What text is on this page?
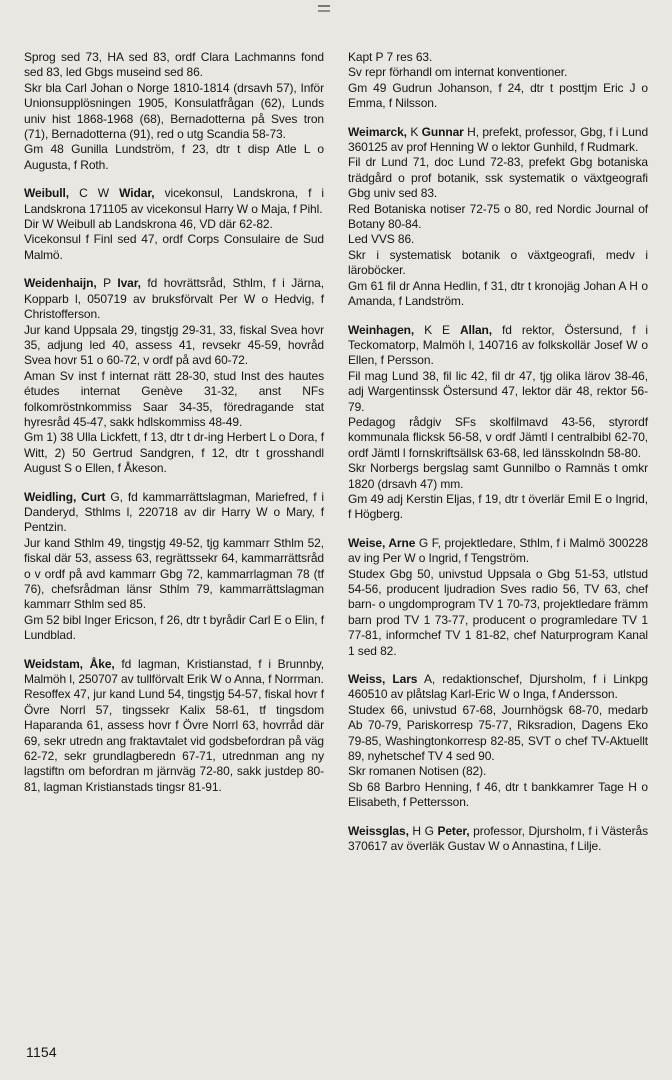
Sprog sed 73, HA sed 83, ordf Clara Lachmanns fond sed 83, led Gbgs museind sed 86.

Skr bla Carl Johan o Norge 1810-1814 (drsavh 57), Inför Unionsupplösningen 1905, Konsulatfrågan (62), Lunds univ hist 1868-1968 (68), Bernadotterna på Sves tron (71), Bernadotterna (91), red o utg Scandia 58-73.

Gm 48 Gunilla Lundström, f 23, dtr t disp Atle L o Augusta, f Roth.

Weibull, C W Widar, vicekonsul, Landskrona, f i Landskrona 171105 av vicekonsul Harry W o Maja, f Pihl.

Dir W Weibull ab Landskrona 46, VD där 62-82.

Vicekonsul f Finl sed 47, ordf Corps Consulaire de Sud Malmö.

Weidenhaijn, P Ivar, fd hovrättsråd, Sthlm, f i Järna, Kopparb l, 050719 av bruksförvalt Per W o Hedvig, f Christofferson.

Jur kand Uppsala 29, tingstjg 29-31, 33, fiskal Svea hovr 35, adjung led 40, assess 41, revsekr 45-59, hovråd Svea hovr 51 o 60-72, v ordf på avd 60-72.

Aman Sv inst f internat rätt 28-30, stud Inst des hautes études internat Genève 31-32, anst NFs folkomröstnkommiss Saar 34-35, föredragande stat hyresråd 45-47, sakk hdlskommiss 48-49.

Gm 1) 38 Ulla Lickfett, f 13, dtr t dr-ing Herbert L o Dora, f Witt, 2) 50 Gertrud Sandgren, f 12, dtr t grosshandl August S o Ellen, f Åkeson.

Weidling, Curt G, fd kammarrättslagman, Mariefred, f i Danderyd, Sthlms l, 220718 av dir Harry W o Mary, f Pentzin.

Jur kand Sthlm 49, tingstjg 49-52, tjg kammarr Sthlm 52, fiskal där 53, assess 63, regrättssekr 64, kammarrättsråd o v ordf på avd kammarr Gbg 72, kammarrlagman 78 (tf 76), chefsrådman länsr Sthlm 79, kammarrättslagman kammarr Sthlm sed 85.

Gm 52 bibl Inger Ericson, f 26, dtr t byrådir Carl E o Elin, f Lundblad.

Weidstam, Åke, fd lagman, Kristianstad, f i Brunnby, Malmöh l, 250707 av tullförvalt Erik W o Anna, f Norrman.

Resoffex 47, jur kand Lund 54, tingstjg 54-57, fiskal hovr f Övre Norrl 57, tingssekr Kalix 58-61, tf tingsdom Haparanda 61, assess hovr f Övre Norrl 63, hovrråd där 69, sekr utredn ang fraktavtalet vid godsbefordran på väg 62-72, sekr grundlagberedn 67-71, utrednman ang ny lagstiftn om befordran m järnväg 72-80, sakk justdep 80-81, lagman Kristianstads tingsr 81-91.

Kapt P 7 res 63.

Sv repr förhandl om internat konventioner.

Gm 49 Gudrun Johanson, f 24, dtr t posttjm Eric J o Emma, f Nilsson.

Weimarck, K Gunnar H, prefekt, professor, Gbg, f i Lund 360125 av prof Henning W o lektor Gunhild, f Rudmark.

Fil dr Lund 71, doc Lund 72-83, prefekt Gbg botaniska trädgård o prof botanik, ssk systematik o växtgeografi Gbg univ sed 83.

Red Botaniska notiser 72-75 o 80, red Nordic Journal of Botany 80-84.

Led VVS 86.

Skr i systematisk botanik o växtgeografi, medv i läroböcker.

Gm 61 fil dr Anna Hedlin, f 31, dtr t kronojäg Johan A H o Amanda, f Landström.

Weinhagen, K E Allan, fd rektor, Östersund, f i Teckomatorp, Malmöh l, 140716 av folkskollär Josef W o Ellen, f Persson.

Fil mag Lund 38, fil lic 42, fil dr 47, tjg olika lärov 38-46, adj Wargentinssk Östersund 47, lektor där 48, rektor 56-79.

Pedagog rådgiv SFs skolfilmavd 43-56, styrordf kommunala flicksk 56-58, v ordf Jämtl l centralbibl 62-70, ordf Jämtl l fornskriftsällsk 63-68, led länsskolndn 58-80.

Skr Norbergs bergslag samt Gunnilbo o Ramnäs t omkr 1820 (drsavh 47) mm.

Gm 49 adj Kerstin Eljas, f 19, dtr t överlär Emil E o Ingrid, f Högberg.

Weise, Arne G F, projektledare, Sthlm, f i Malmö 300228 av ing Per W o Ingrid, f Tengström.

Studex Gbg 50, univstud Uppsala o Gbg 51-53, utlstud 54-56, producent ljudradion Sves radio 56, TV 63, chef barn- o ungdomprogram TV 1 70-73, projektledare främm barn prod TV 1 73-77, producent o programledare TV 1 77-81, informchef TV 1 81-82, chef Naturprogram Kanal 1 sed 82.

Weiss, Lars A, redaktionschef, Djursholm, f i Linkpg 460510 av plåtslag Karl-Eric W o Inga, f Andersson.

Studex 66, univstud 67-68, Journhögsk 68-70, medarb Ab 70-79, Pariskorresp 75-77, Riksradion, Dagens Eko 79-85, Washingtonkorresp 82-85, SVT o chef TV-Aktuellt 89, nyhetschef TV 4 sed 90.

Skr romanen Notisen (82).

Sb 68 Barbro Henning, f 46, dtr t bankkamrer Tage H o Elisabeth, f Pettersson.

Weissglas, H G Peter, professor, Djursholm, f i Västerås 370617 av överläk Gustav W o Annastina, f Lilje.

1154
